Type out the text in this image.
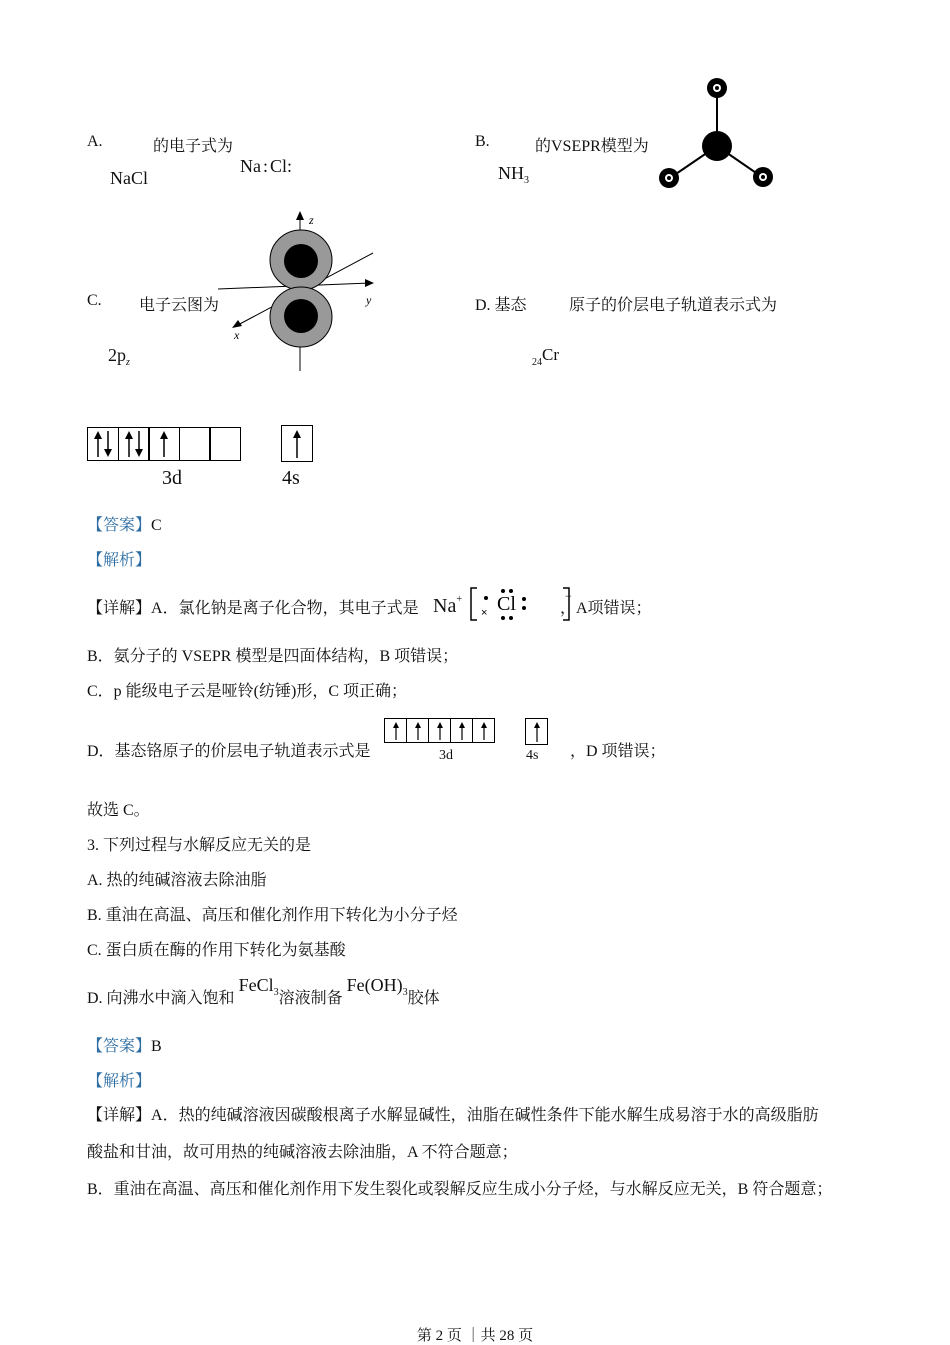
A.	的电子式为
NaCl
Na : Cl:
B.	的VSEPR模型为
$NH_3$
C. 电子云图为
$2p_z$
z
y
x
D. 基态	原子的价层电子轨道表示式为
$_{24}$Cr
3d	4s
【答案】C
【解析】
【详解】A．氯化钠是离子化合物，其电子式是 Na+ Cl
×
−
，A项错误；
B．氨分子的 VSEPR 模型是四面体结构，B 项错误；
C．p 能级电子云是哑铃(纺锤)形，C 项正确；
D．基态铬原子的价层电子轨道表示式是	3d	4s ，D 项错误；
故选 C。
3. 下列过程与水解反应无关的是
A. 热的纯碱溶液去除油脂
B. 重油在高温、高压和催化剂作用下转化为小分子烃
C. 蛋白质在酶的作用下转化为氨基酸
D. 向沸水中滴入饱和 FeCl$_3$溶液制备 $Fe(OH)_3$胶体
【答案】B
【解析】
【详解】A．热的纯碱溶液因碳酸根离子水解显碱性，油脂在碱性条件下能水解生成易溶于水的高级脂肪
酸盐和甘油，故可用热的纯碱溶液去除油脂，A 不符合题意；
B．重油在高温、高压和催化剂作用下发生裂化或裂解反应生成小分子烃，与水解反应无关，B 符合题意；
第 2 页 ｜共 28 页
